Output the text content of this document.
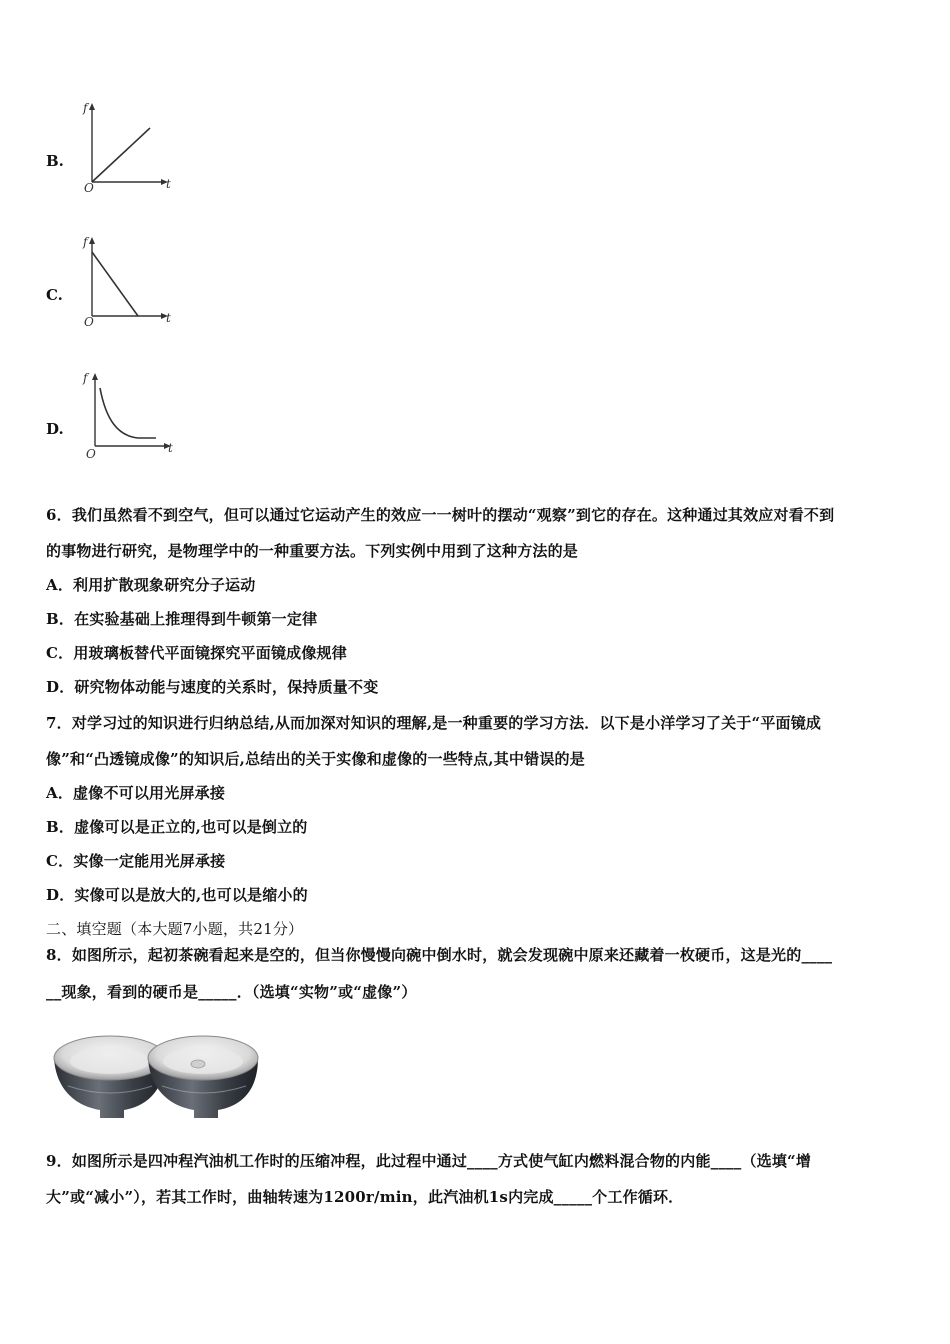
B.
f
O	t
C.
f
O	t
D.
f
O	t
6．我们虽然看不到空气，但可以通过它运动产生的效应一一树叶的摆动“观察”到它的存在。这种通过其效应对看不到
的事物进行研究，是物理学中的一种重要方法。下列实例中用到了这种方法的是
A．利用扩散现象研究分子运动
B．在实验基础上推理得到牛顿第一定律
C．用玻璃板替代平面镜探究平面镜成像规律
D．研究物体动能与速度的关系时，保持质量不变
7．对学习过的知识进行归纳总结,从而加深对知识的理解,是一种重要的学习方法．以下是小洋学习了关于“平面镜成
像”和“凸透镜成像”的知识后,总结出的关于实像和虚像的一些特点,其中错误的是
A．虚像不可以用光屏承接
B．虚像可以是正立的,也可以是倒立的
C．实像一定能用光屏承接
D．实像可以是放大的,也可以是缩小的
二、填空题（本大题7小题，共21分）
8．如图所示，起初茶碗看起来是空的，但当你慢慢向碗中倒水时，就会发现碗中原来还藏着一枚硬币，这是光的____
__现象，看到的硬币是_____．（选填“实物”或“虚像”）
9．如图所示是四冲程汽油机工作时的压缩冲程，此过程中通过____方式使气缸内燃料混合物的内能____（选填“增
大”或“减小”），若其工作时，曲轴转速为1200r/min，此汽油机1s内完成_____个工作循环．
